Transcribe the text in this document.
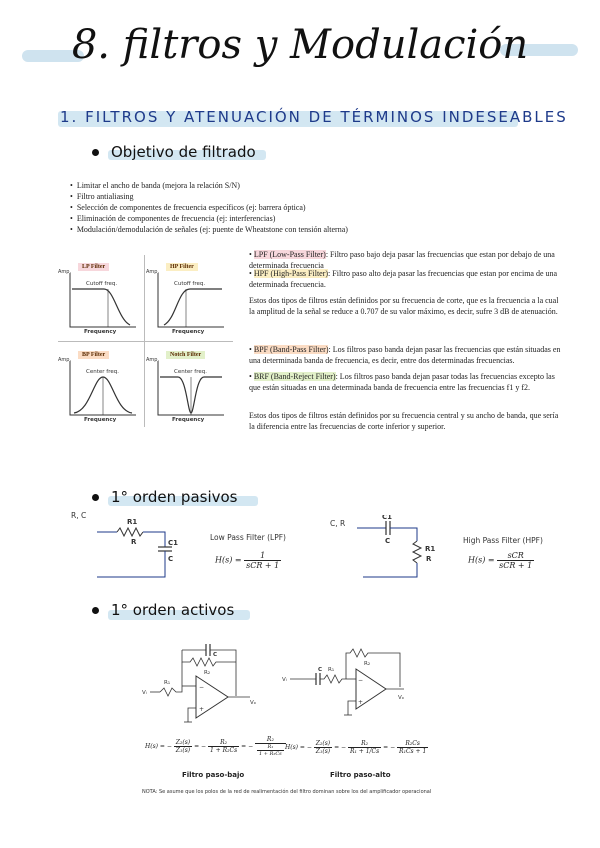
8. filtros y Modulación
1. FILTROS Y ATENUACIÓN DE TÉRMINOS INDESEABLES
Objetivo de filtrado
• Limitar el ancho de banda (mejora la relación S/N)
• Filtro antialiasing
• Selección de componentes de frecuencia específicos (ej: barrera óptica)
• Eliminación de componentes de frecuencia (ej: interferencias)
• Modulación/demodulación de señales (ej: puente de Wheatstone con tensión alterna)
LP Filter
Amp.
Cutoff freq.
Frequency
HP Filter
Amp.
Cutoff freq.
Frequency
BP Filter
Amp.
Center freq.
Frequency
Notch Filter
Amp.
Center freq.
Frequency
• LPF (Low-Pass Filter): Filtro paso bajo deja pasar las frecuencias que estan por debajo de una determinada frecuencia
• HPF (High-Pass Filter): Filtro paso alto deja pasar las frecuencias que estan por encima de una determinada frecuencia.
Estos dos tipos de filtros están definidos por su frecuencia de corte, que es la frecuencia a la cual la amplitud de la señal se reduce a 0.707 de su valor máximo, es decir, sufre 3 dB de atenuación.
• BPF (Band-Pass Filter): Los filtros paso banda dejan pasar las frecuencias que están situadas en una determinada banda de frecuencia, es decir, entre dos determinadas frecuencias.
• BRF (Band-Reject Filter): Los filtros paso banda dejan pasar todas las frecuencias excepto las que están situadas en una determinada banda de frecuencia entre las frecuencias f1 y f2.
Estos dos tipos de filtros están definidos por su frecuencia central y su ancho de banda, que sería la diferencia entre las frecuencias de corte inferior y superior.
1° orden pasivos
R, C
R1
R	C1
C
Low Pass Filter (LPF)
$H(s) = \frac{1}{\text{sCR + 1}}$
C, R
C1
C
R1
R
High Pass Filter (HPF)
$H(s) = \frac{\text{sCR}}{\text{sCR + 1}}$
1° orden activos
−
+
C
R₂
R₁
Vᵢ
Vₒ
−
+
C
R₂
R₁
Vᵢ
Vₒ
H(s) = − $\frac{\text{Z₂(s)}}{\text{Z₁(s)}}$ = − $\frac{\text{R₂}}{\text{1 + R₂Cs}}$ = − $\frac{\text{R₂}}{\frac{\text{R₁}}{\text{1 + R₂Cs}}}$
Filtro paso-bajo
H(s) = − $\frac{\text{Z₂(s)}}{\text{Z₁(s)}}$ = − $\frac{\text{R₂}}{\text{R₁ + 1/Cs}}$ = − $\frac{\text{R₂Cs}}{\text{R₁Cs + 1}}$
Filtro paso-alto
NOTA: Se asume que los polos de la red de realimentación del filtro dominan sobre los del amplificador operacional
